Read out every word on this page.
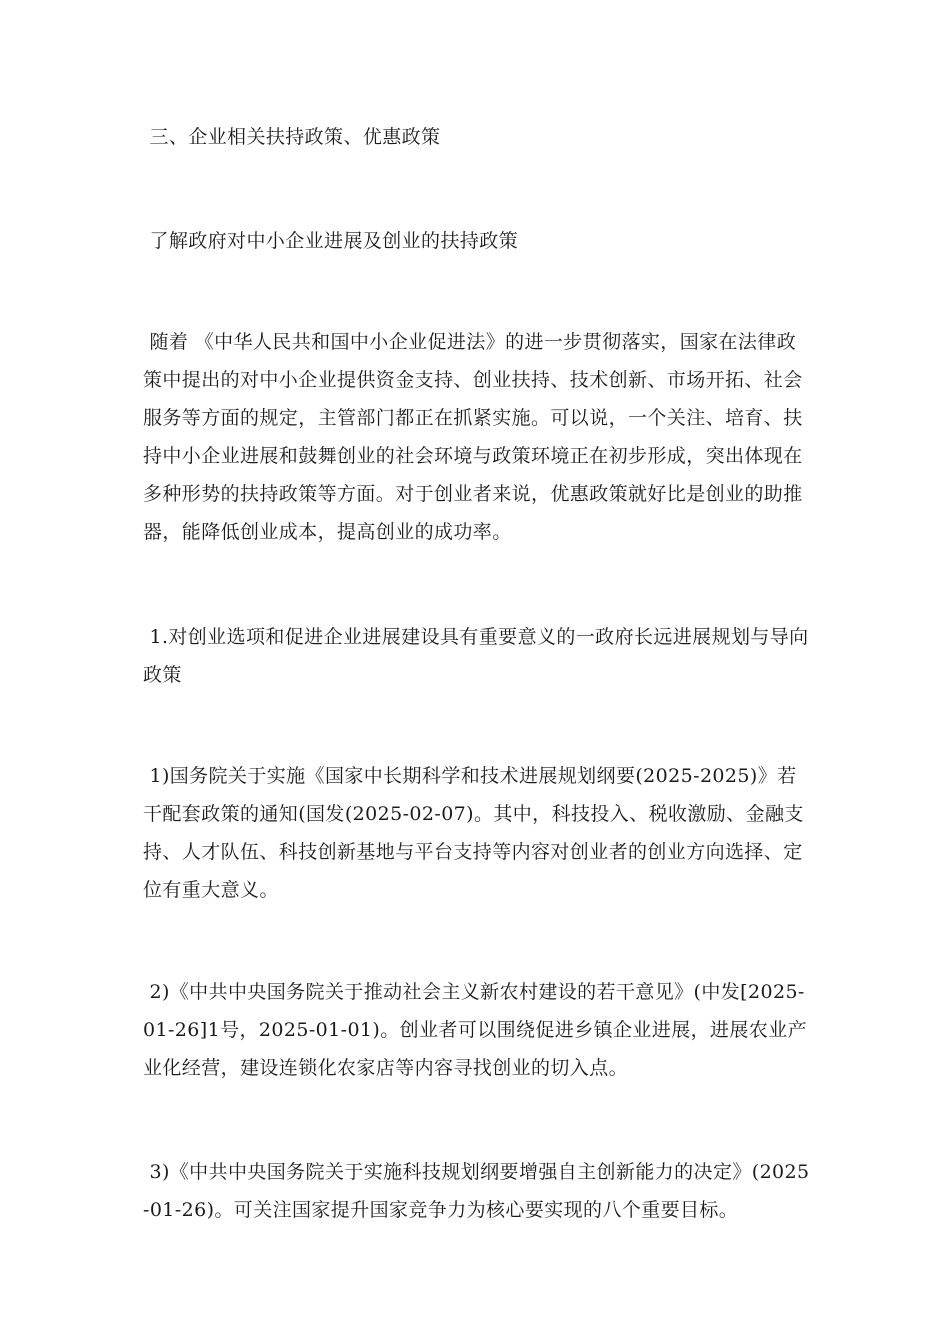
三、企业相关扶持政策、优惠政策
了解政府对中小企业进展及创业的扶持政策
随着 《中华人民共和国中小企业促进法》的进一步贯彻落实，国家在法律政策中提出的对中小企业提供资金支持、创业扶持、技术创新、市场开拓、社会服务等方面的规定，主管部门都正在抓紧实施。可以说，一个关注、培育、扶持中小企业进展和鼓舞创业的社会环境与政策环境正在初步形成，突出体现在多种形势的扶持政策等方面。对于创业者来说，优惠政策就好比是创业的助推器，能降低创业成本，提高创业的成功率。
1.对创业选项和促进企业进展建设具有重要意义的一政府长远进展规划与导向政策
1)国务院关于实施《国家中长期科学和技术进展规划纲要(2025-2025)》若干配套政策的通知(国发(2025-02-07)。其中，科技投入、税收激励、金融支持、人才队伍、科技创新基地与平台支持等内容对创业者的创业方向选择、定位有重大意义。
2)《中共中央国务院关于推动社会主义新农村建设的若干意见》(中发[2025-01-26]1号，2025-01-01)。创业者可以围绕促进乡镇企业进展，进展农业产业化经营，建设连锁化农家店等内容寻找创业的切入点。
3)《中共中央国务院关于实施科技规划纲要增强自主创新能力的决定》(2025-01-26)。可关注国家提升国家竞争力为核心要实现的八个重要目标。
